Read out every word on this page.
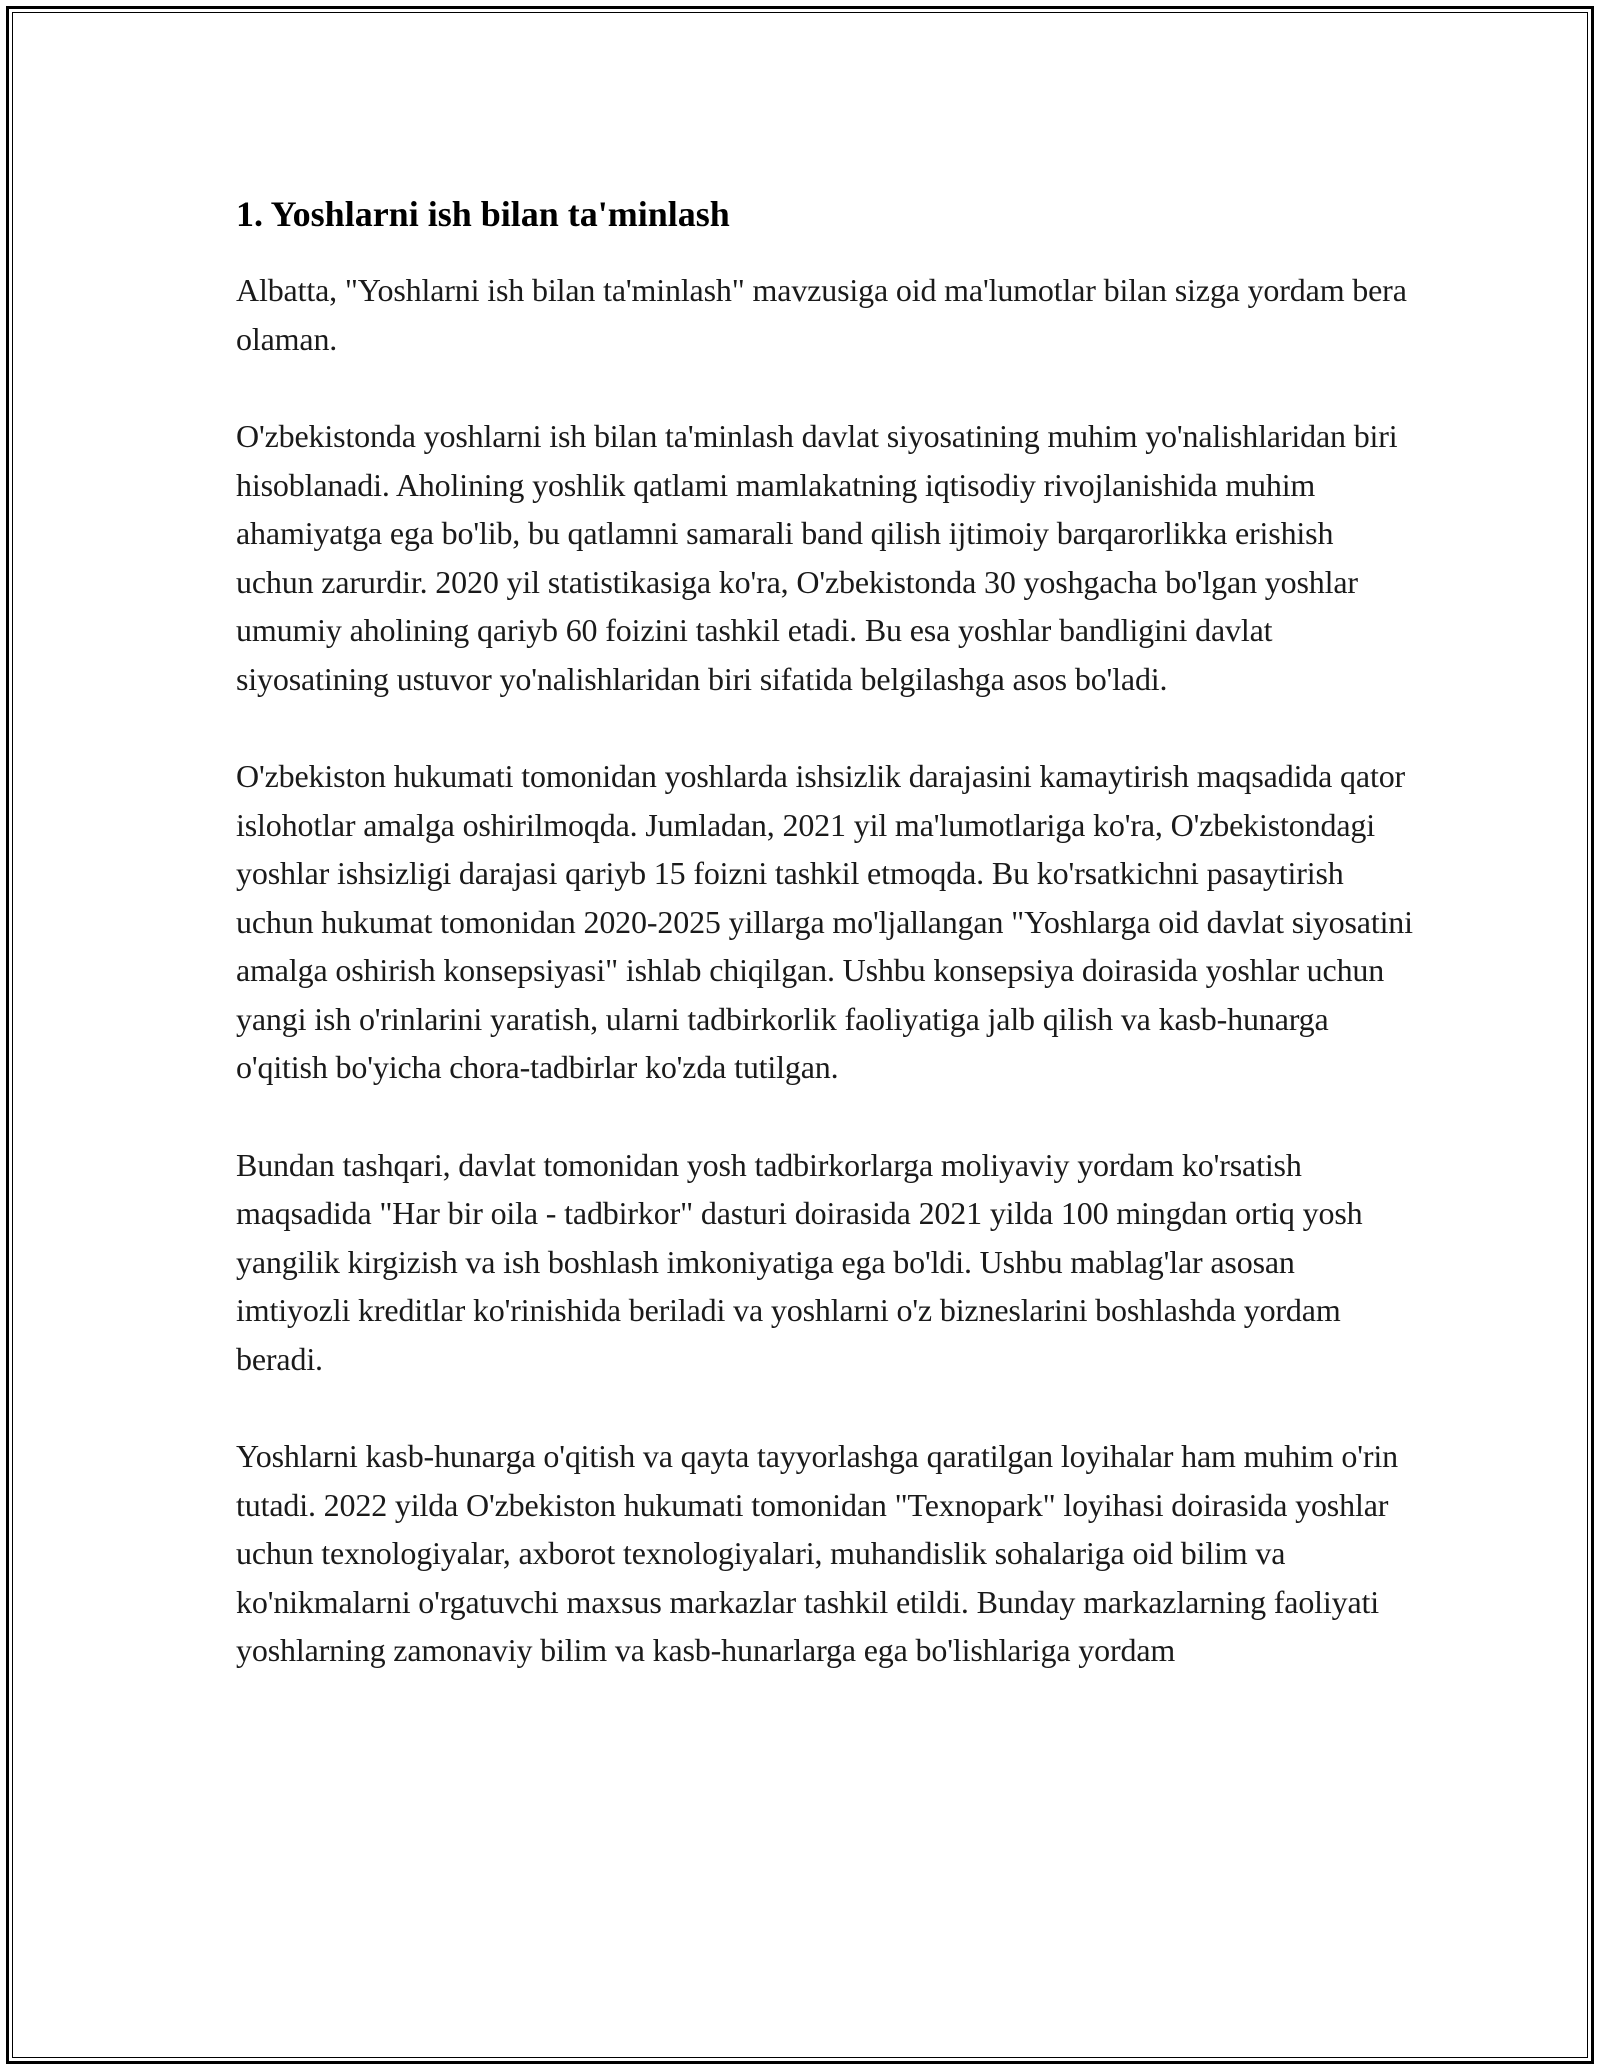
1. Yoshlarni ish bilan ta'minlash

Albatta, "Yoshlarni ish bilan ta'minlash" mavzusiga oid ma'lumotlar bilan sizga yordam bera olaman.

O'zbekistonda yoshlarni ish bilan ta'minlash davlat siyosatining muhim yo'nalishlaridan biri hisoblanadi. Aholining yoshlik qatlami mamlakatning iqtisodiy rivojlanishida muhim ahamiyatga ega bo'lib, bu qatlamni samarali band qilish ijtimoiy barqarorlikka erishish uchun zarurdir. 2020 yil statistikasiga ko'ra, O'zbekistonda 30 yoshgacha bo'lgan yoshlar umumiy aholining qariyb 60 foizini tashkil etadi. Bu esa yoshlar bandligini davlat siyosatining ustuvor yo'nalishlaridan biri sifatida belgilashga asos bo'ladi.

O'zbekiston hukumati tomonidan yoshlarda ishsizlik darajasini kamaytirish maqsadida qator islohotlar amalga oshirilmoqda. Jumladan, 2021 yil ma'lumotlariga ko'ra, O'zbekistondagi yoshlar ishsizligi darajasi qariyb 15 foizni tashkil etmoqda. Bu ko'rsatkichni pasaytirish uchun hukumat tomonidan 2020-2025 yillarga mo'ljallangan "Yoshlarga oid davlat siyosatini amalga oshirish konsepsiyasi" ishlab chiqilgan. Ushbu konsepsiya doirasida yoshlar uchun yangi ish o'rinlarini yaratish, ularni tadbirkorlik faoliyatiga jalb qilish va kasb-hunarga o'qitish bo'yicha chora-tadbirlar ko'zda tutilgan.

Bundan tashqari, davlat tomonidan yosh tadbirkorlarga moliyaviy yordam ko'rsatish maqsadida "Har bir oila - tadbirkor" dasturi doirasida 2021 yilda 100 mingdan ortiq yosh yangilik kirgizish va ish boshlash imkoniyatiga ega bo'ldi. Ushbu mablag'lar asosan imtiyozli kreditlar ko'rinishida beriladi va yoshlarni o'z bizneslarini boshlashda yordam beradi.

Yoshlarni kasb-hunarga o'qitish va qayta tayyorlashga qaratilgan loyihalar ham muhim o'rin tutadi. 2022 yilda O'zbekiston hukumati tomonidan "Texnopark" loyihasi doirasida yoshlar uchun texnologiyalar, axborot texnologiyalari, muhandislik sohalariga oid bilim va ko'nikmalarni o'rgatuvchi maxsus markazlar tashkil etildi. Bunday markazlarning faoliyati yoshlarning zamonaviy bilim va kasb-hunarlarga ega bo'lishlariga yordam
